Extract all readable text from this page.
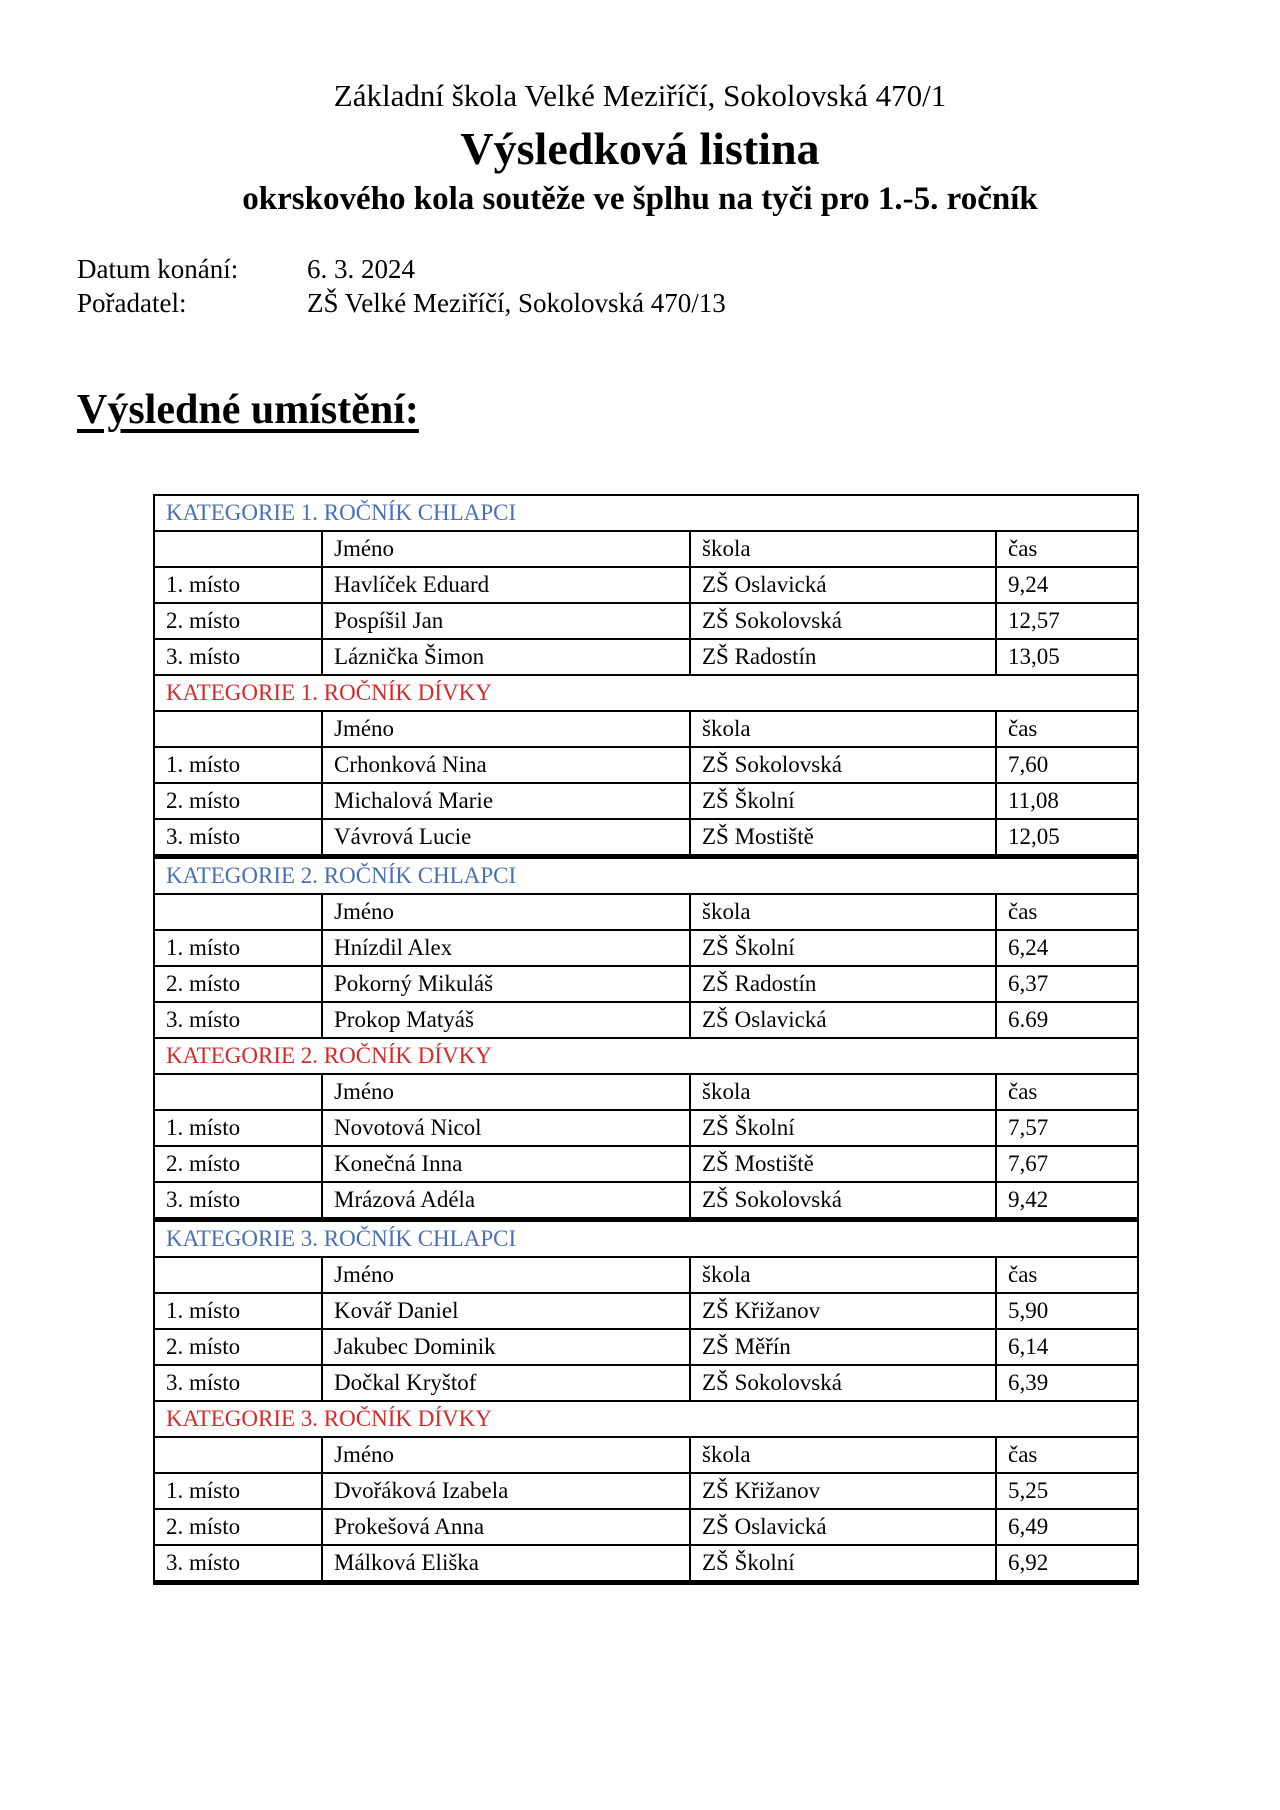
Základní škola Velké Meziříčí, Sokolovská 470/1
Výsledková listina
okrskového kola soutěže ve šplhu na tyči pro 1.-5. ročník
Datum konání:	6. 3. 2024
Pořadatel:	ZŠ Velké Meziříčí, Sokolovská 470/13
Výsledné umístění:
KATEGORIE 1. ROČNÍK CHLAPCI			
	Jméno	škola	čas
1. místo	Havlíček Eduard	ZŠ Oslavická	9,24
2. místo	Pospíšil Jan	ZŠ Sokolovská	12,57
3. místo	Láznička Šimon	ZŠ Radostín	13,05
KATEGORIE 1. ROČNÍK DÍVKY			
	Jméno	škola	čas
1. místo	Crhonková Nina	ZŠ Sokolovská	7,60
2. místo	Michalová Marie	ZŠ Školní	11,08
3. místo	Vávrová Lucie	ZŠ Mostiště	12,05
KATEGORIE 2. ROČNÍK CHLAPCI			
	Jméno	škola	čas
1. místo	Hnízdil Alex	ZŠ Školní	6,24
2. místo	Pokorný Mikuláš	ZŠ Radostín	6,37
3. místo	Prokop Matyáš	ZŠ Oslavická	6.69
KATEGORIE 2. ROČNÍK DÍVKY			
	Jméno	škola	čas
1. místo	Novotová Nicol	ZŠ Školní	7,57
2. místo	Konečná Inna	ZŠ Mostiště	7,67
3. místo	Mrázová Adéla	ZŠ Sokolovská	9,42
KATEGORIE 3. ROČNÍK CHLAPCI			
	Jméno	škola	čas
1. místo	Kovář Daniel	ZŠ Křižanov	5,90
2. místo	Jakubec Dominik	ZŠ Měřín	6,14
3. místo	Dočkal Kryštof	ZŠ Sokolovská	6,39
KATEGORIE 3. ROČNÍK DÍVKY			
	Jméno	škola	čas
1. místo	Dvořáková Izabela	ZŠ Křižanov	5,25
2. místo	Prokešová Anna	ZŠ Oslavická	6,49
3. místo	Málková Eliška	ZŠ Školní	6,92
